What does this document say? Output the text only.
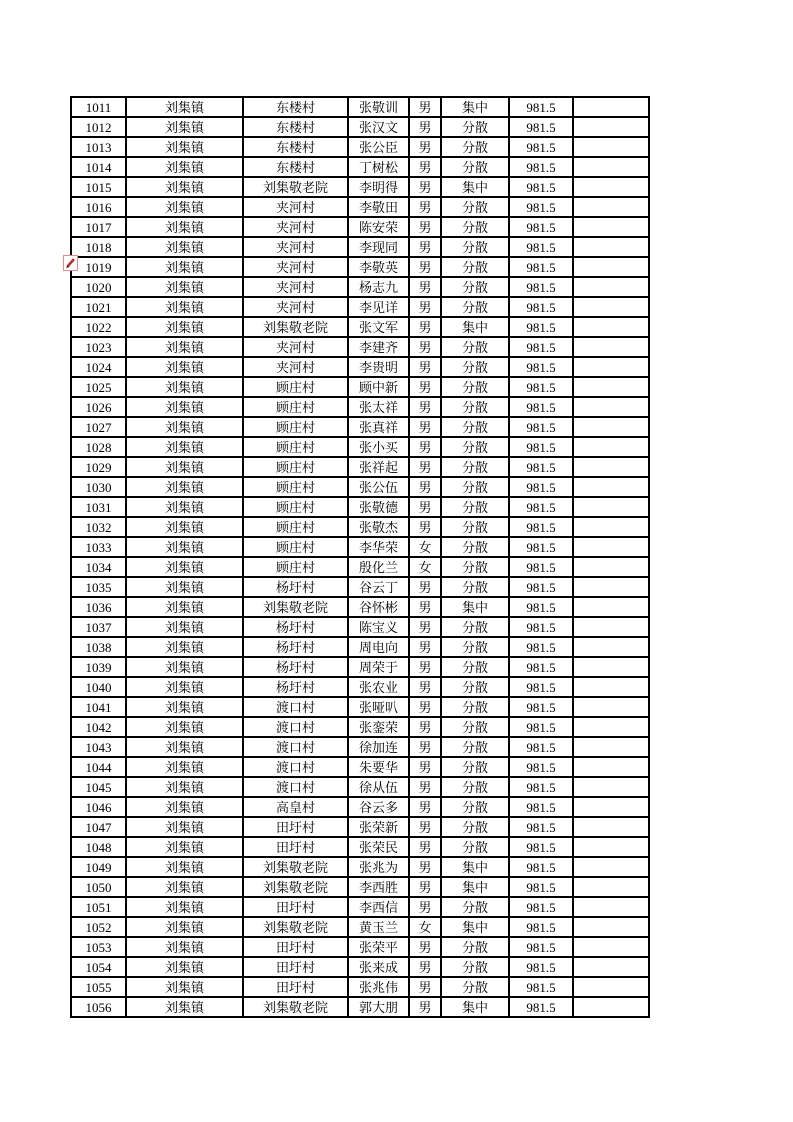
1011	刘集镇	东楼村	张敬训	男	集中	981.5	
1012	刘集镇	东楼村	张汉文	男	分散	981.5	
1013	刘集镇	东楼村	张公臣	男	分散	981.5	
1014	刘集镇	东楼村	丁树松	男	分散	981.5	
1015	刘集镇	刘集敬老院	李明得	男	集中	981.5	
1016	刘集镇	夹河村	李敬田	男	分散	981.5	
1017	刘集镇	夹河村	陈安荣	男	分散	981.5	
1018	刘集镇	夹河村	李现同	男	分散	981.5	
1019	刘集镇	夹河村	李敬英	男	分散	981.5	
1020	刘集镇	夹河村	杨志九	男	分散	981.5	
1021	刘集镇	夹河村	李见详	男	分散	981.5	
1022	刘集镇	刘集敬老院	张文军	男	集中	981.5	
1023	刘集镇	夹河村	李建齐	男	分散	981.5	
1024	刘集镇	夹河村	李贵明	男	分散	981.5	
1025	刘集镇	顾庄村	顾中新	男	分散	981.5	
1026	刘集镇	顾庄村	张太祥	男	分散	981.5	
1027	刘集镇	顾庄村	张真祥	男	分散	981.5	
1028	刘集镇	顾庄村	张小买	男	分散	981.5	
1029	刘集镇	顾庄村	张祥起	男	分散	981.5	
1030	刘集镇	顾庄村	张公伍	男	分散	981.5	
1031	刘集镇	顾庄村	张敬德	男	分散	981.5	
1032	刘集镇	顾庄村	张敬杰	男	分散	981.5	
1033	刘集镇	顾庄村	李华荣	女	分散	981.5	
1034	刘集镇	顾庄村	殷化兰	女	分散	981.5	
1035	刘集镇	杨圩村	谷云丁	男	分散	981.5	
1036	刘集镇	刘集敬老院	谷怀彬	男	集中	981.5	
1037	刘集镇	杨圩村	陈宝义	男	分散	981.5	
1038	刘集镇	杨圩村	周电向	男	分散	981.5	
1039	刘集镇	杨圩村	周荣于	男	分散	981.5	
1040	刘集镇	杨圩村	张农业	男	分散	981.5	
1041	刘集镇	渡口村	张哑叭	男	分散	981.5	
1042	刘集镇	渡口村	张銮荣	男	分散	981.5	
1043	刘集镇	渡口村	徐加连	男	分散	981.5	
1044	刘集镇	渡口村	朱要华	男	分散	981.5	
1045	刘集镇	渡口村	徐从伍	男	分散	981.5	
1046	刘集镇	高皇村	谷云多	男	分散	981.5	
1047	刘集镇	田圩村	张荣新	男	分散	981.5	
1048	刘集镇	田圩村	张荣民	男	分散	981.5	
1049	刘集镇	刘集敬老院	张兆为	男	集中	981.5	
1050	刘集镇	刘集敬老院	李西胜	男	集中	981.5	
1051	刘集镇	田圩村	李西信	男	分散	981.5	
1052	刘集镇	刘集敬老院	黄玉兰	女	集中	981.5	
1053	刘集镇	田圩村	张荣平	男	分散	981.5	
1054	刘集镇	田圩村	张来成	男	分散	981.5	
1055	刘集镇	田圩村	张兆伟	男	分散	981.5	
1056	刘集镇	刘集敬老院	郭大朋	男	集中	981.5	
